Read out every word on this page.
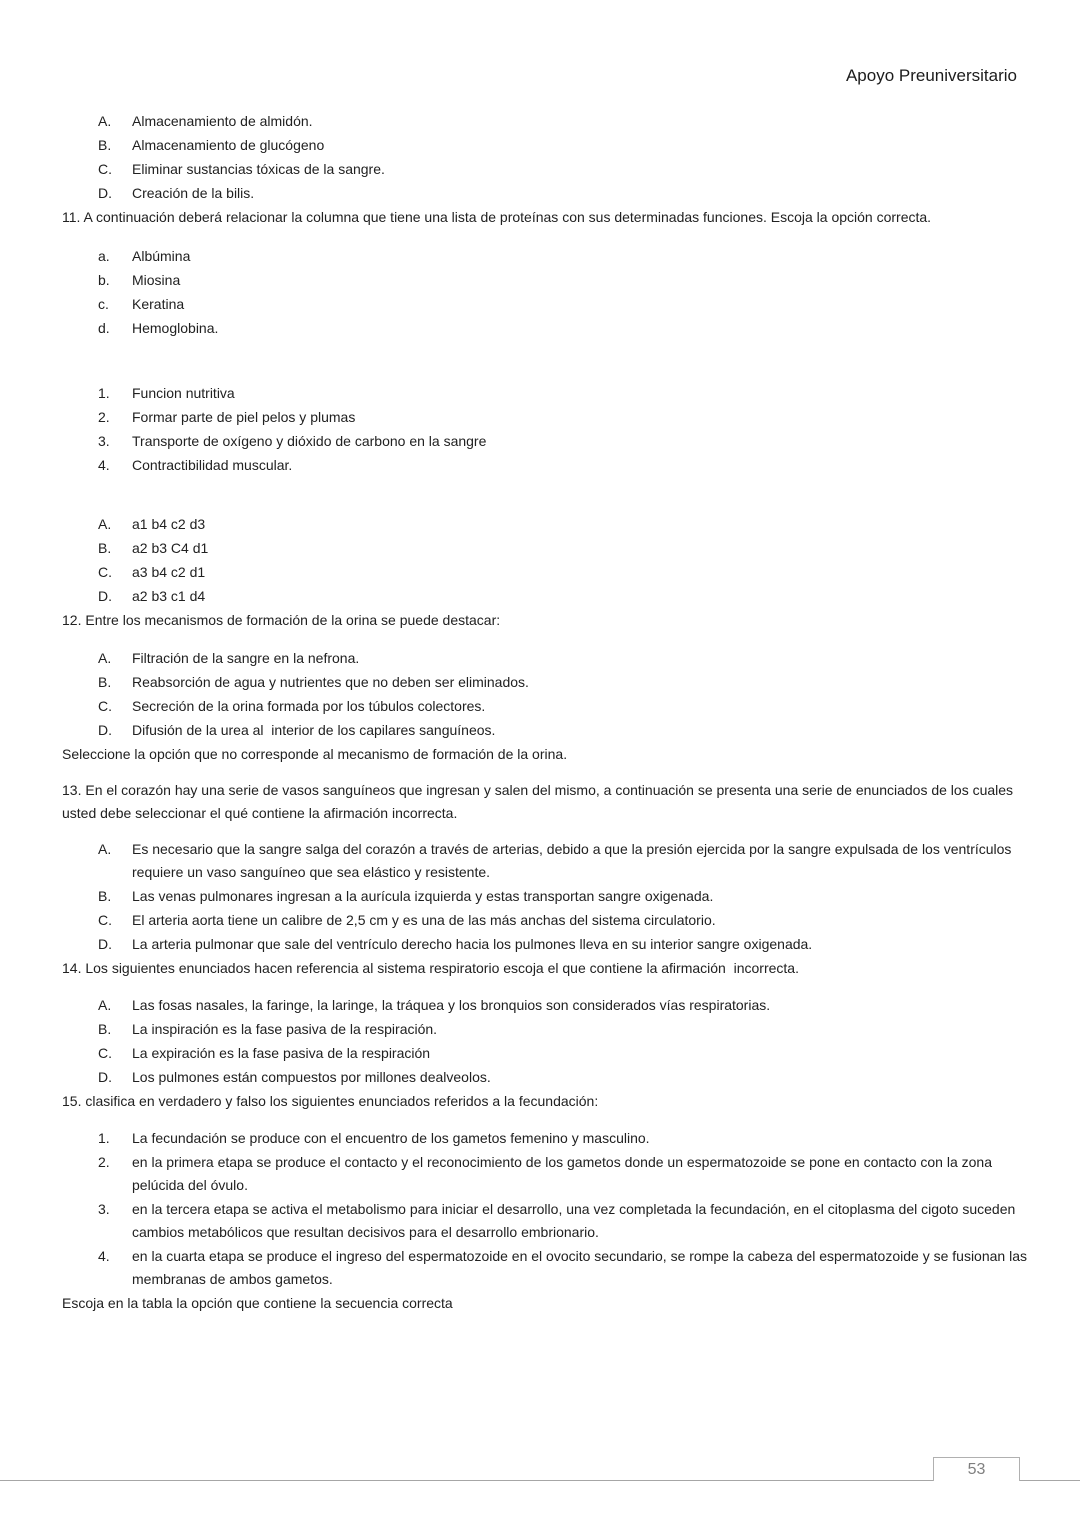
Apoyo Preuniversitario
A.	Almacenamiento de almidón.
B.	Almacenamiento de glucógeno
C.	Eliminar sustancias tóxicas de la sangre.
D.	Creación de la bilis.

11. A continuación deberá relacionar la columna que tiene una lista de proteínas con sus determinadas funciones. Escoja la opción correcta.

a.	Albúmina
b.	Miosina
c.	Keratina
d.	Hemoglobina.
1.	Funcion nutritiva
2.	Formar parte de piel pelos y plumas
3.	Transporte de oxígeno y dióxido de carbono en la sangre
4.	Contractibilidad muscular.
A.	a1 b4 c2 d3
B.	a2 b3 C4 d1
C.	a3 b4 c2 d1
D.	a2 b3 c1 d4

12. Entre los mecanismos de formación de la orina se puede destacar:

A.	Filtración de la sangre en la nefrona.
B.	Reabsorción de agua y nutrientes que no deben ser eliminados.
C.	Secreción de la orina formada por los túbulos colectores.
D.	Difusión de la urea al  interior de los capilares sanguíneos.

Seleccione la opción que no corresponde al mecanismo de formación de la orina.

13. En el corazón hay una serie de vasos sanguíneos que ingresan y salen del mismo, a continuación se presenta una serie de enunciados de los cuales usted debe seleccionar el qué contiene la afirmación incorrecta.

A.	Es necesario que la sangre salga del corazón a través de arterias, debido a que la presión ejercida por la sangre expulsada de los ventrículos requiere un vaso sanguíneo que sea elástico y resistente.
B.	Las venas pulmonares ingresan a la aurícula izquierda y estas transportan sangre oxigenada.
C.	El arteria aorta tiene un calibre de 2,5 cm y es una de las más anchas del sistema circulatorio.
D.	La arteria pulmonar que sale del ventrículo derecho hacia los pulmones lleva en su interior sangre oxigenada.

14. Los siguientes enunciados hacen referencia al sistema respiratorio escoja el que contiene la afirmación  incorrecta.

A.	Las fosas nasales, la faringe, la laringe, la tráquea y los bronquios son considerados vías respiratorias.
B.	La inspiración es la fase pasiva de la respiración.
C.	La expiración es la fase pasiva de la respiración
D.	Los pulmones están compuestos por millones dealveolos.

15. clasifica en verdadero y falso los siguientes enunciados referidos a la fecundación:

1.	La fecundación se produce con el encuentro de los gametos femenino y masculino.
2.	en la primera etapa se produce el contacto y el reconocimiento de los gametos donde un espermatozoide se pone en contacto con la zona pelúcida del óvulo.
3.	en la tercera etapa se activa el metabolismo para iniciar el desarrollo, una vez completada la fecundación, en el citoplasma del cigoto suceden cambios metabólicos que resultan decisivos para el desarrollo embrionario.
4.	en la cuarta etapa se produce el ingreso del espermatozoide en el ovocito secundario, se rompe la cabeza del espermatozoide y se fusionan las membranas de ambos gametos.

Escoja en la tabla la opción que contiene la secuencia correcta

53
